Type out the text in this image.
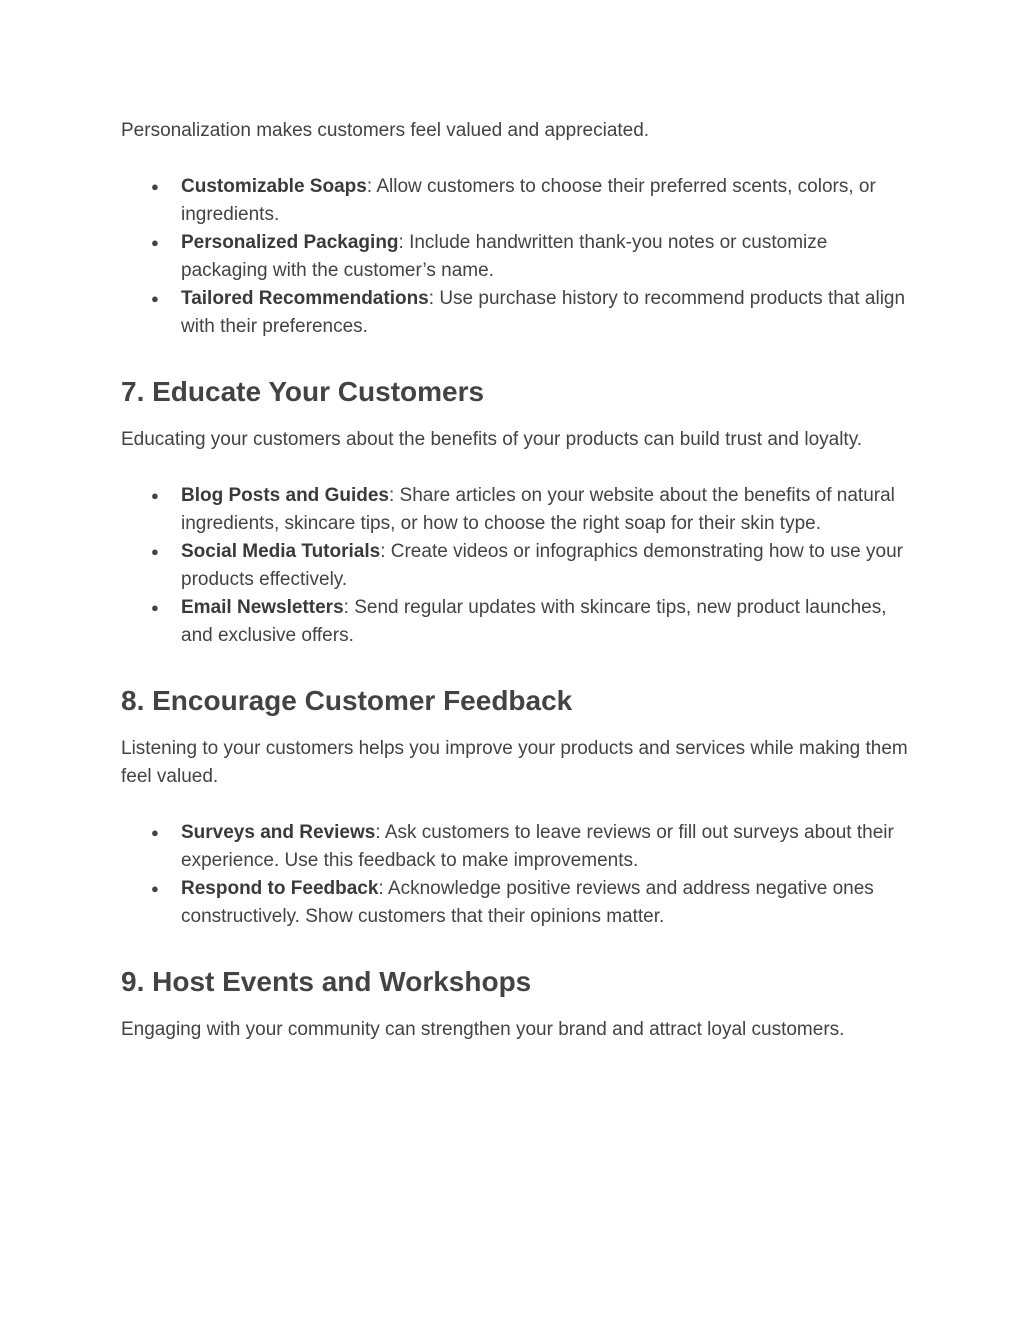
Personalization makes customers feel valued and appreciated.

● Customizable Soaps: Allow customers to choose their preferred scents, colors, or ingredients.
● Personalized Packaging: Include handwritten thank-you notes or customize packaging with the customer’s name.
● Tailored Recommendations: Use purchase history to recommend products that align with their preferences.
7. Educate Your Customers

Educating your customers about the benefits of your products can build trust and loyalty.

● Blog Posts and Guides: Share articles on your website about the benefits of natural ingredients, skincare tips, or how to choose the right soap for their skin type.
● Social Media Tutorials: Create videos or infographics demonstrating how to use your products effectively.
● Email Newsletters: Send regular updates with skincare tips, new product launches, and exclusive offers.
8. Encourage Customer Feedback

Listening to your customers helps you improve your products and services while making them feel valued.

● Surveys and Reviews: Ask customers to leave reviews or fill out surveys about their experience. Use this feedback to make improvements.
● Respond to Feedback: Acknowledge positive reviews and address negative ones constructively. Show customers that their opinions matter.
9. Host Events and Workshops

Engaging with your community can strengthen your brand and attract loyal customers.
